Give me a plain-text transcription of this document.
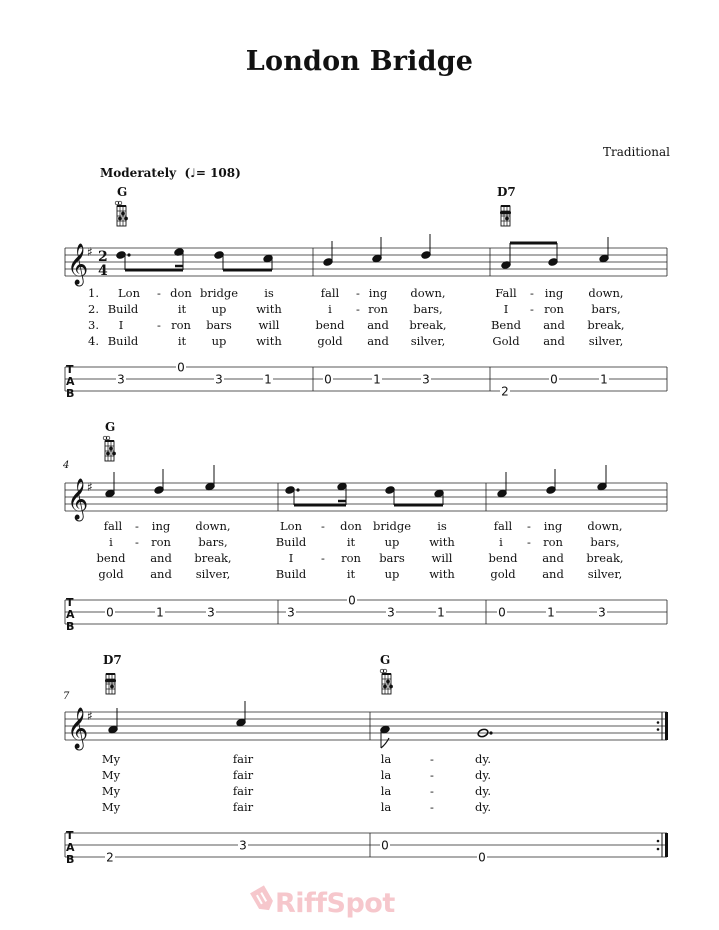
London Bridge
Traditional
Moderately  (♩= 108)
G	D7
G
D7	G
4
7
1.
2.
3.
4.
Lon - don bridge is	fall - ing down,	Fall - ing down,
Build	it up	with	i - ron bars,	I - ron bars,
I	- ron bars will	bend and break,	Bend and break,
Build	it up	with	gold and silver,	Gold and silver,
fall - ing down,	Lon - don bridge is	fall - ing down,
i - ron bars,	Build	it	up	with	i - ron bars,
bend and break,	I - ron bars will	bend and break,
gold and silver,	Build	it	up	with	gold and silver,
My	fair	la	-	dy.
My	fair	la	-	dy.
My	fair	la	-	dy.
My	fair	la	-	dy.
𝄞
♯ 2
4
𝄞
♯
𝄞
♯
T
A
B
T
A
B
T
A
B
3
0
3	1	0	1	3
2
0	1
0	1	3	3
0
3	1	0	1	3
2
3	0
0
RiffSpot
